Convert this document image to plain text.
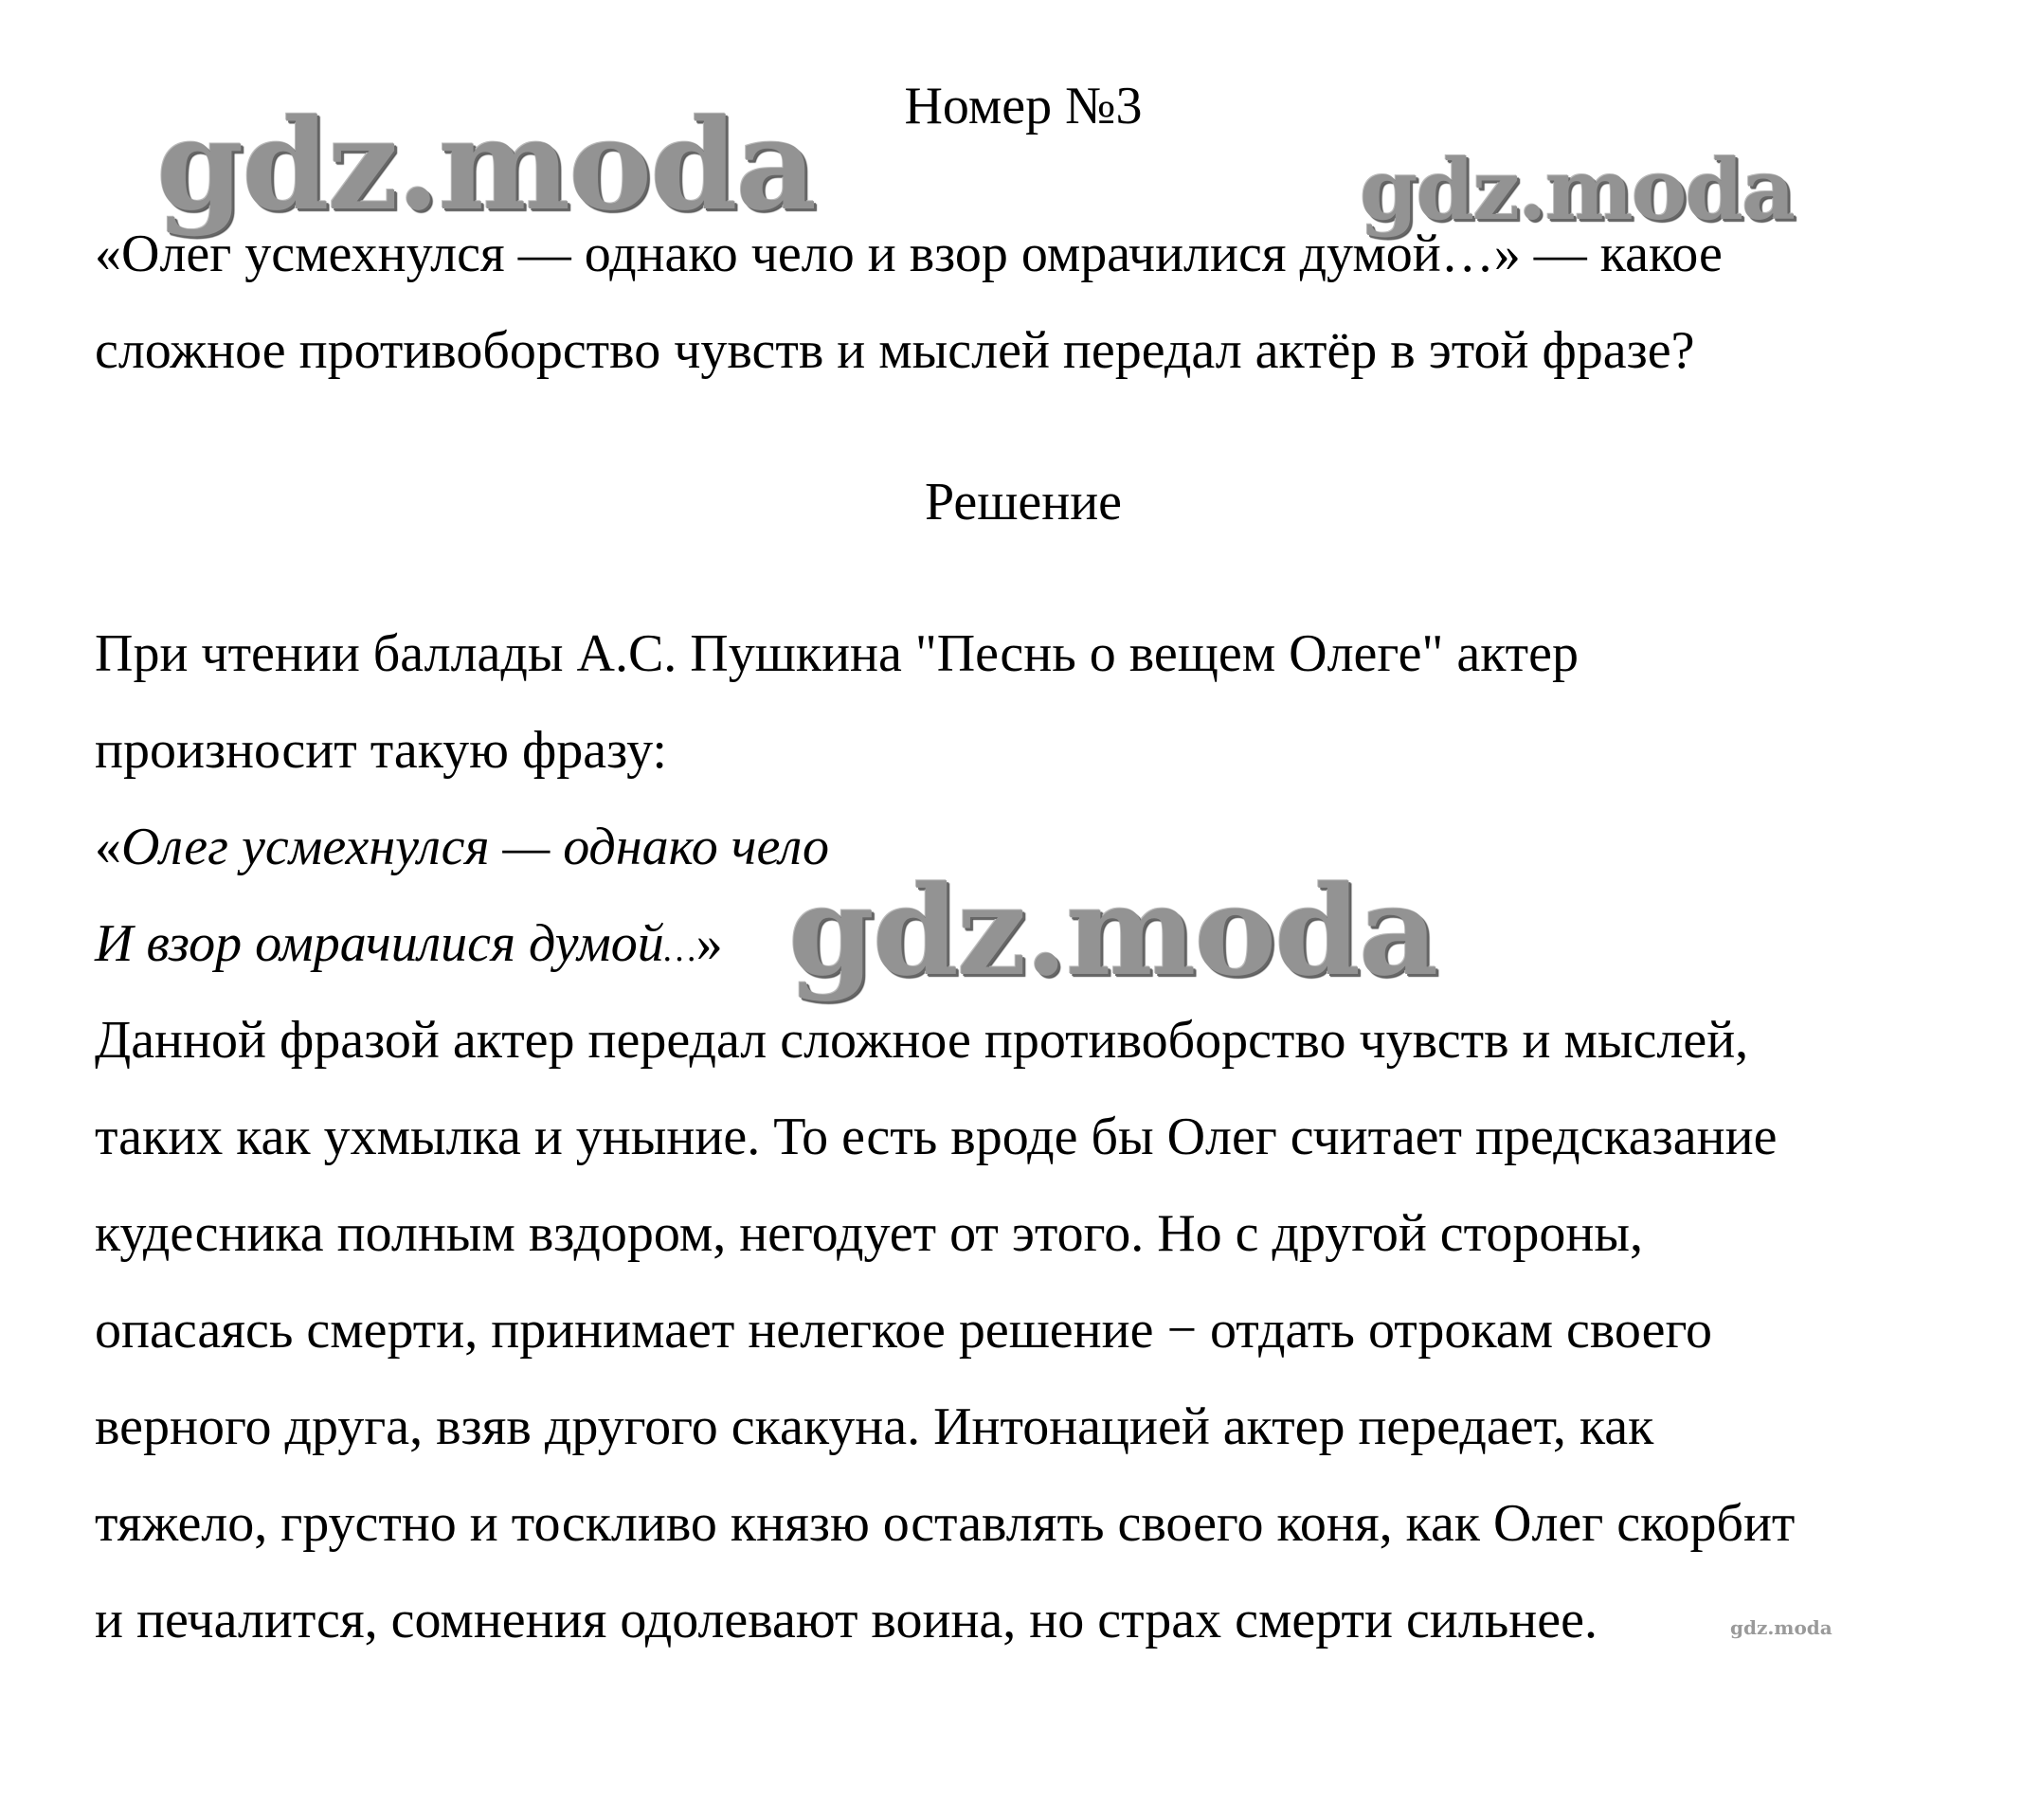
Номер №3
«Олег усмехнулся — однако чело и взор омрачилися думой…» — какое
сложное противоборство чувств и мыслей передал актёр в этой фразе?
Решение
При чтении баллады А.С. Пушкина "Песнь о вещем Олеге" актер
произносит такую фразу:
«Олег усмехнулся — однако чело
И взор омрачилися думой…»
Данной фразой актер передал сложное противоборство чувств и мыслей,
таких как ухмылка и уныние. То есть вроде бы Олег считает предсказание
кудесника полным вздором, негодует от этого. Но с другой стороны,
опасаясь смерти, принимает нелегкое решение − отдать отрокам своего
верного друга, взяв другого скакуна. Интонацией актер передает, как
тяжело, грустно и тоскливо князю оставлять своего коня, как Олег скорбит
и печалится, сомнения одолевают воина, но страх смерти сильнее.
gdz.moda	gdz.moda
gdz.moda
gdz.moda
